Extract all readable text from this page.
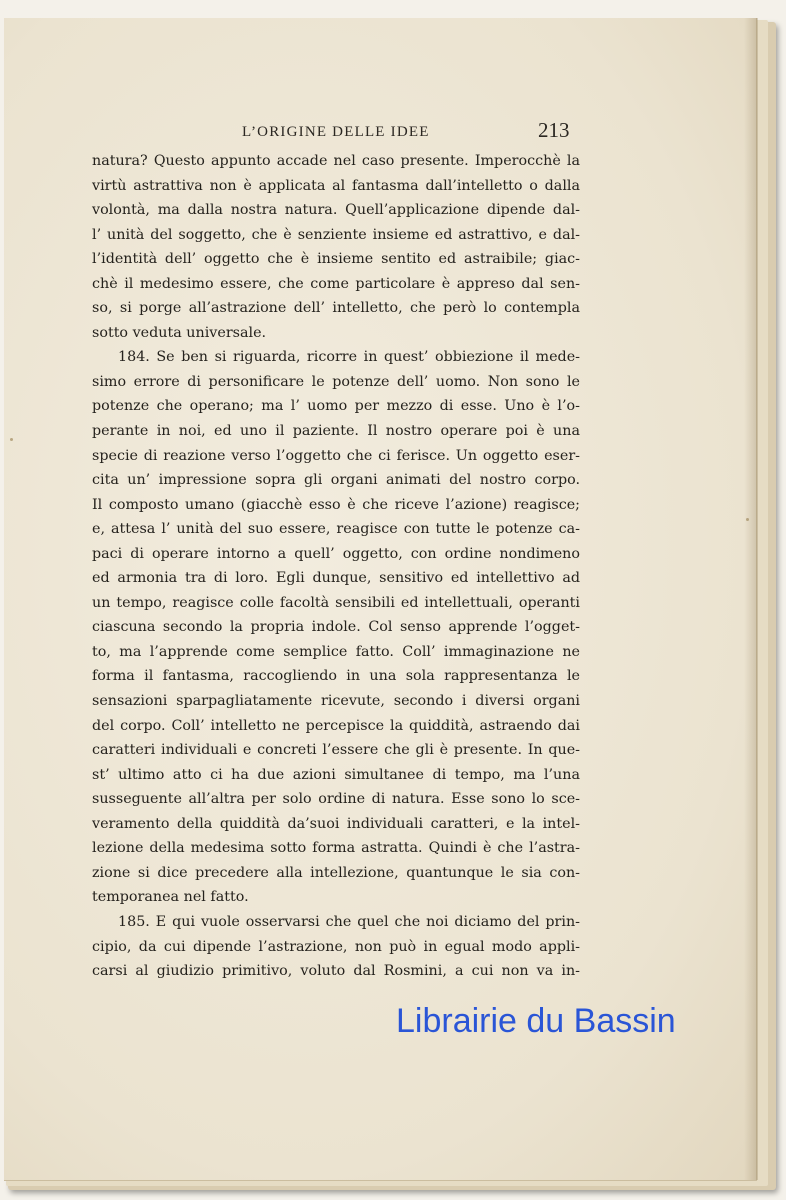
L’ORIGINE DELLE IDEE	213
natura? Questo appunto accade nel caso presente. Imperocchè la
virtù astrattiva non è applicata al fantasma dall’intelletto o dalla
volontà, ma dalla nostra natura. Quell’applicazione dipende dal-
l’ unità del soggetto, che è senziente insieme ed astrattivo, e dal-
l’identità dell’ oggetto che è insieme sentito ed astraibile; giac-
chè il medesimo essere, che come particolare è appreso dal sen-
so, si porge all’astrazione dell’ intelletto, che però lo contempla
sotto veduta universale.
184. Se ben si riguarda, ricorre in quest’ obbiezione il mede-
simo errore di personificare le potenze dell’ uomo. Non sono le
potenze che operano; ma l’ uomo per mezzo di esse. Uno è l’o-
perante in noi, ed uno il paziente. Il nostro operare poi è una
specie di reazione verso l’oggetto che ci ferisce. Un oggetto eser-
cita un’ impressione sopra gli organi animati del nostro corpo.
Il composto umano (giacchè esso è che riceve l’azione) reagisce;
e, attesa l’ unità del suo essere, reagisce con tutte le potenze ca-
paci di operare intorno a quell’ oggetto, con ordine nondimeno
ed armonia tra di loro. Egli dunque, sensitivo ed intellettivo ad
un tempo, reagisce colle facoltà sensibili ed intellettuali, operanti
ciascuna secondo la propria indole. Col senso apprende l’ogget-
to, ma l’apprende come semplice fatto. Coll’ immaginazione ne
forma il fantasma, raccogliendo in una sola rappresentanza le
sensazioni sparpagliatamente ricevute, secondo i diversi organi
del corpo. Coll’ intelletto ne percepisce la quiddità, astraendo dai
caratteri individuali e concreti l’essere che gli è presente. In que-
st’ ultimo atto ci ha due azioni simultanee di tempo, ma l’una
susseguente all’altra per solo ordine di natura. Esse sono lo sce-
veramento della quiddità da’suoi individuali caratteri, e la intel-
lezione della medesima sotto forma astratta. Quindi è che l’astra-
zione si dice precedere alla intellezione, quantunque le sia con-
temporanea nel fatto.
185. E qui vuole osservarsi che quel che noi diciamo del prin-
cipio, da cui dipende l’astrazione, non può in egual modo appli-
carsi al giudizio primitivo, voluto dal Rosmini, a cui non va in-
Librairie du Bassin
